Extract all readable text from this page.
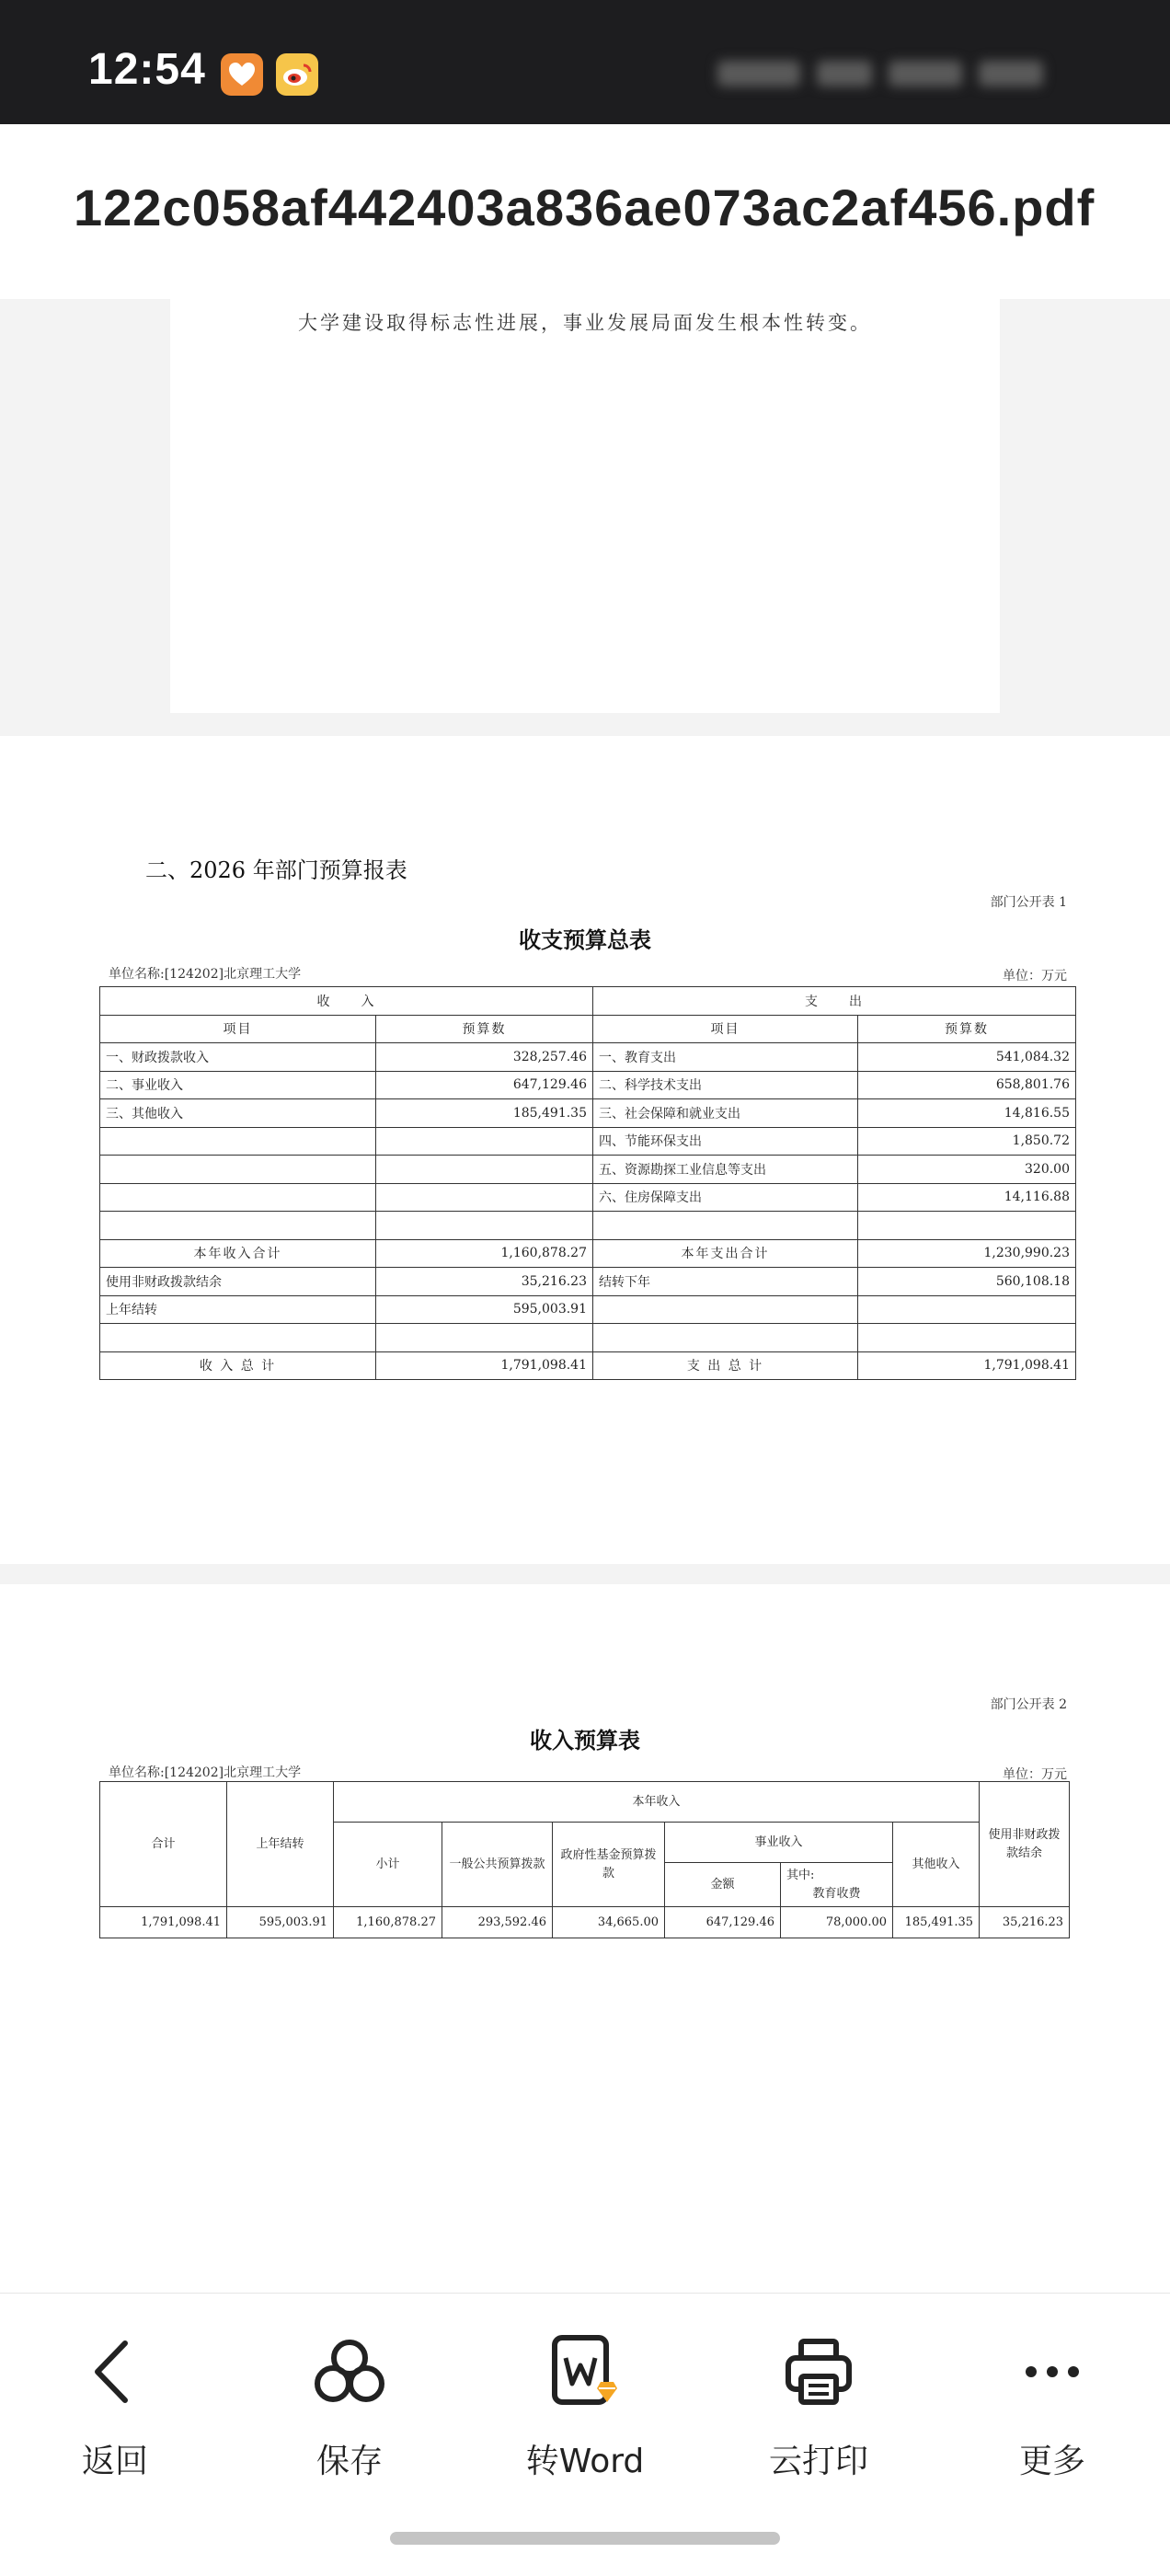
12:54
122c058af442403a836ae073ac2af456.pdf
大学建设取得标志性进展，事业发展局面发生根本性转变。
二、2026 年部门预算报表
部门公开表 1
收支预算总表
单位名称:[124202]北京理工大学	单位：万元
收　　入		支　　出	
项目	预算数	项目	预算数
一、财政拨款收入	328,257.46	一、教育支出	541,084.32
二、事业收入	647,129.46	二、科学技术支出	658,801.76
三、其他收入	185,491.35	三、社会保障和就业支出	14,816.55
		四、节能环保支出	1,850.72
		五、资源勘探工业信息等支出	320.00
		六、住房保障支出	14,116.88

本年收入合计	1,160,878.27	本年支出合计	1,230,990.23
使用非财政拨款结余	35,216.23	结转下年	560,108.18
上年结转	595,003.91		

收 入 总 计	1,791,098.41	支 出 总 计	1,791,098.41
部门公开表 2
收入预算表
单位名称:[124202]北京理工大学	单位：万元
合计	上年结转	本年收入						使用非财政拨款结余
		小计	一般公共预算拨款	政府性基金预算拨款	事业收入		其他收入	
					金额	其中:
教育收费		

1,791,098.41	595,003.91	1,160,878.27	293,592.46	34,665.00	647,129.46	78,000.00	185,491.35	35,216.23
返回	保存	转Word	云打印	更多
